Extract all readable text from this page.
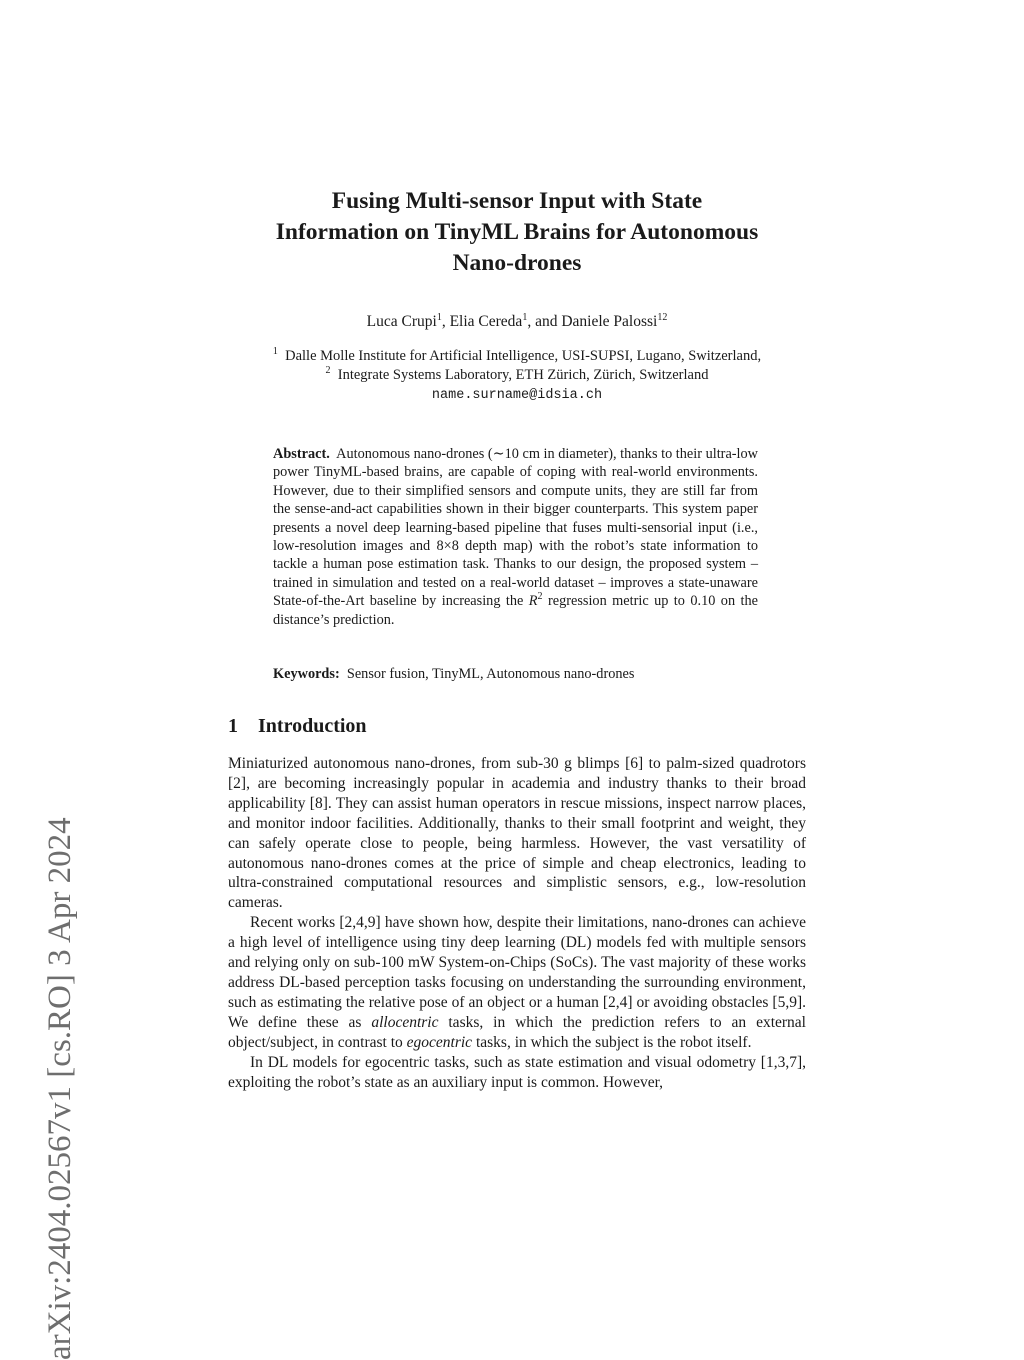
arXiv:2404.02567v1 [cs.RO] 3 Apr 2024
Fusing Multi-sensor Input with State
Information on TinyML Brains for Autonomous
Nano-drones

Luca Crupi$^1$, Elia Cereda$^1$, and Daniele Palossi$^{12}$

$^1$ Dalle Molle Institute for Artificial Intelligence, USI-SUPSI, Lugano, Switzerland,
$^2$ Integrate Systems Laboratory, ETH Zürich, Zürich, Switzerland
name.surname@idsia.ch

Abstract. Autonomous nano-drones (∼10 cm in diameter), thanks to their ultra-low power TinyML-based brains, are capable of coping with real-world environments. However, due to their simplified sensors and compute units, they are still far from the sense-and-act capabilities shown in their bigger counterparts. This system paper presents a novel deep learning-based pipeline that fuses multi-sensorial input (i.e., low-resolution images and 8×8 depth map) with the robot’s state information to tackle a human pose estimation task. Thanks to our design, the proposed system – trained in simulation and tested on a real-world dataset – improves a state-unaware State-of-the-Art baseline by increasing the $R^2$ regression metric up to 0.10 on the distance’s prediction.

Keywords: Sensor fusion, TinyML, Autonomous nano-drones

1 Introduction

Miniaturized autonomous nano-drones, from sub-30 g blimps [6] to palm-sized quadrotors [2], are becoming increasingly popular in academia and industry thanks to their broad applicability [8]. They can assist human operators in rescue missions, inspect narrow places, and monitor indoor facilities. Additionally, thanks to their small footprint and weight, they can safely operate close to people, being harmless. However, the vast versatility of autonomous nano-drones comes at the price of simple and cheap electronics, leading to ultra-constrained computational resources and simplistic sensors, e.g., low-resolution cameras.

Recent works [2,4,9] have shown how, despite their limitations, nano-drones can achieve a high level of intelligence using tiny deep learning (DL) models fed with multiple sensors and relying only on sub-100 mW System-on-Chips (SoCs). The vast majority of these works address DL-based perception tasks focusing on understanding the surrounding environment, such as estimating the relative pose of an object or a human [2,4] or avoiding obstacles [5,9]. We define these as allocentric tasks, in which the prediction refers to an external object/subject, in contrast to egocentric tasks, in which the subject is the robot itself.

In DL models for egocentric tasks, such as state estimation and visual odometry [1,3,7], exploiting the robot’s state as an auxiliary input is common. However,
